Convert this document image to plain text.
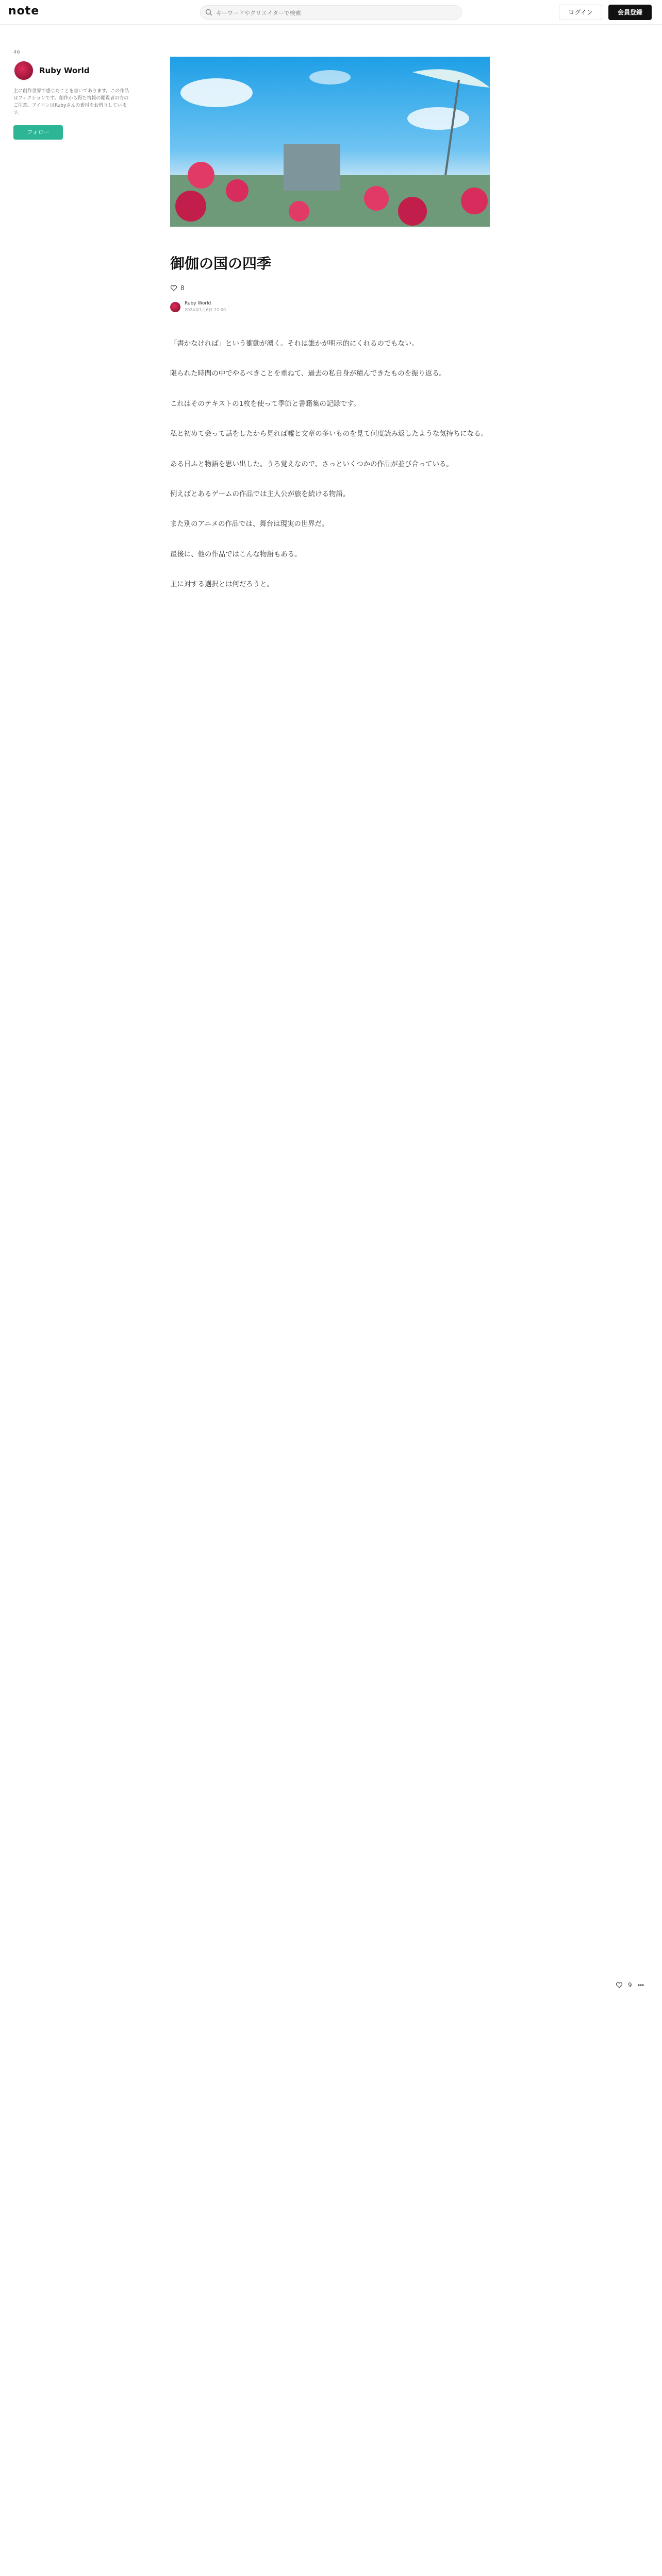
note
キーワードやクリエイターで検索	ログイン	会員登録
46
Ruby World
主に創作世界で感じたことを書いてあります。この作品はフィクションです。創作から得た情報の閲覧者の方のご注意。アイコンはRubyさんの素材をお借りしています。
フォロー
御伽の国の四季
8
Ruby World
2024年1月6日 22:00

「書かなければ」という衝動が湧く。それは誰かが明示的にくれるのでもない。

限られた時間の中でやるべきことを重ねて、過去の私自身が積んできたものを振り返る。

これはそのテキストの1枚を使って季節と書籍集の記録です。

私と初めて会って話をしたから見れば嘘と文章の多いものを見て何度読み返したような気持ちになる。

ある日ふと物語を思い出した。うろ覚えなので、さっといくつかの作品が並び合っている。

例えばとあるゲームの作品では主人公が旅を続ける物語。

また別のアニメの作品では、舞台は現実の世界だ。

最後に、他の作品ではこんな物語もある。

主に対する選択とは何だろうと。

9
